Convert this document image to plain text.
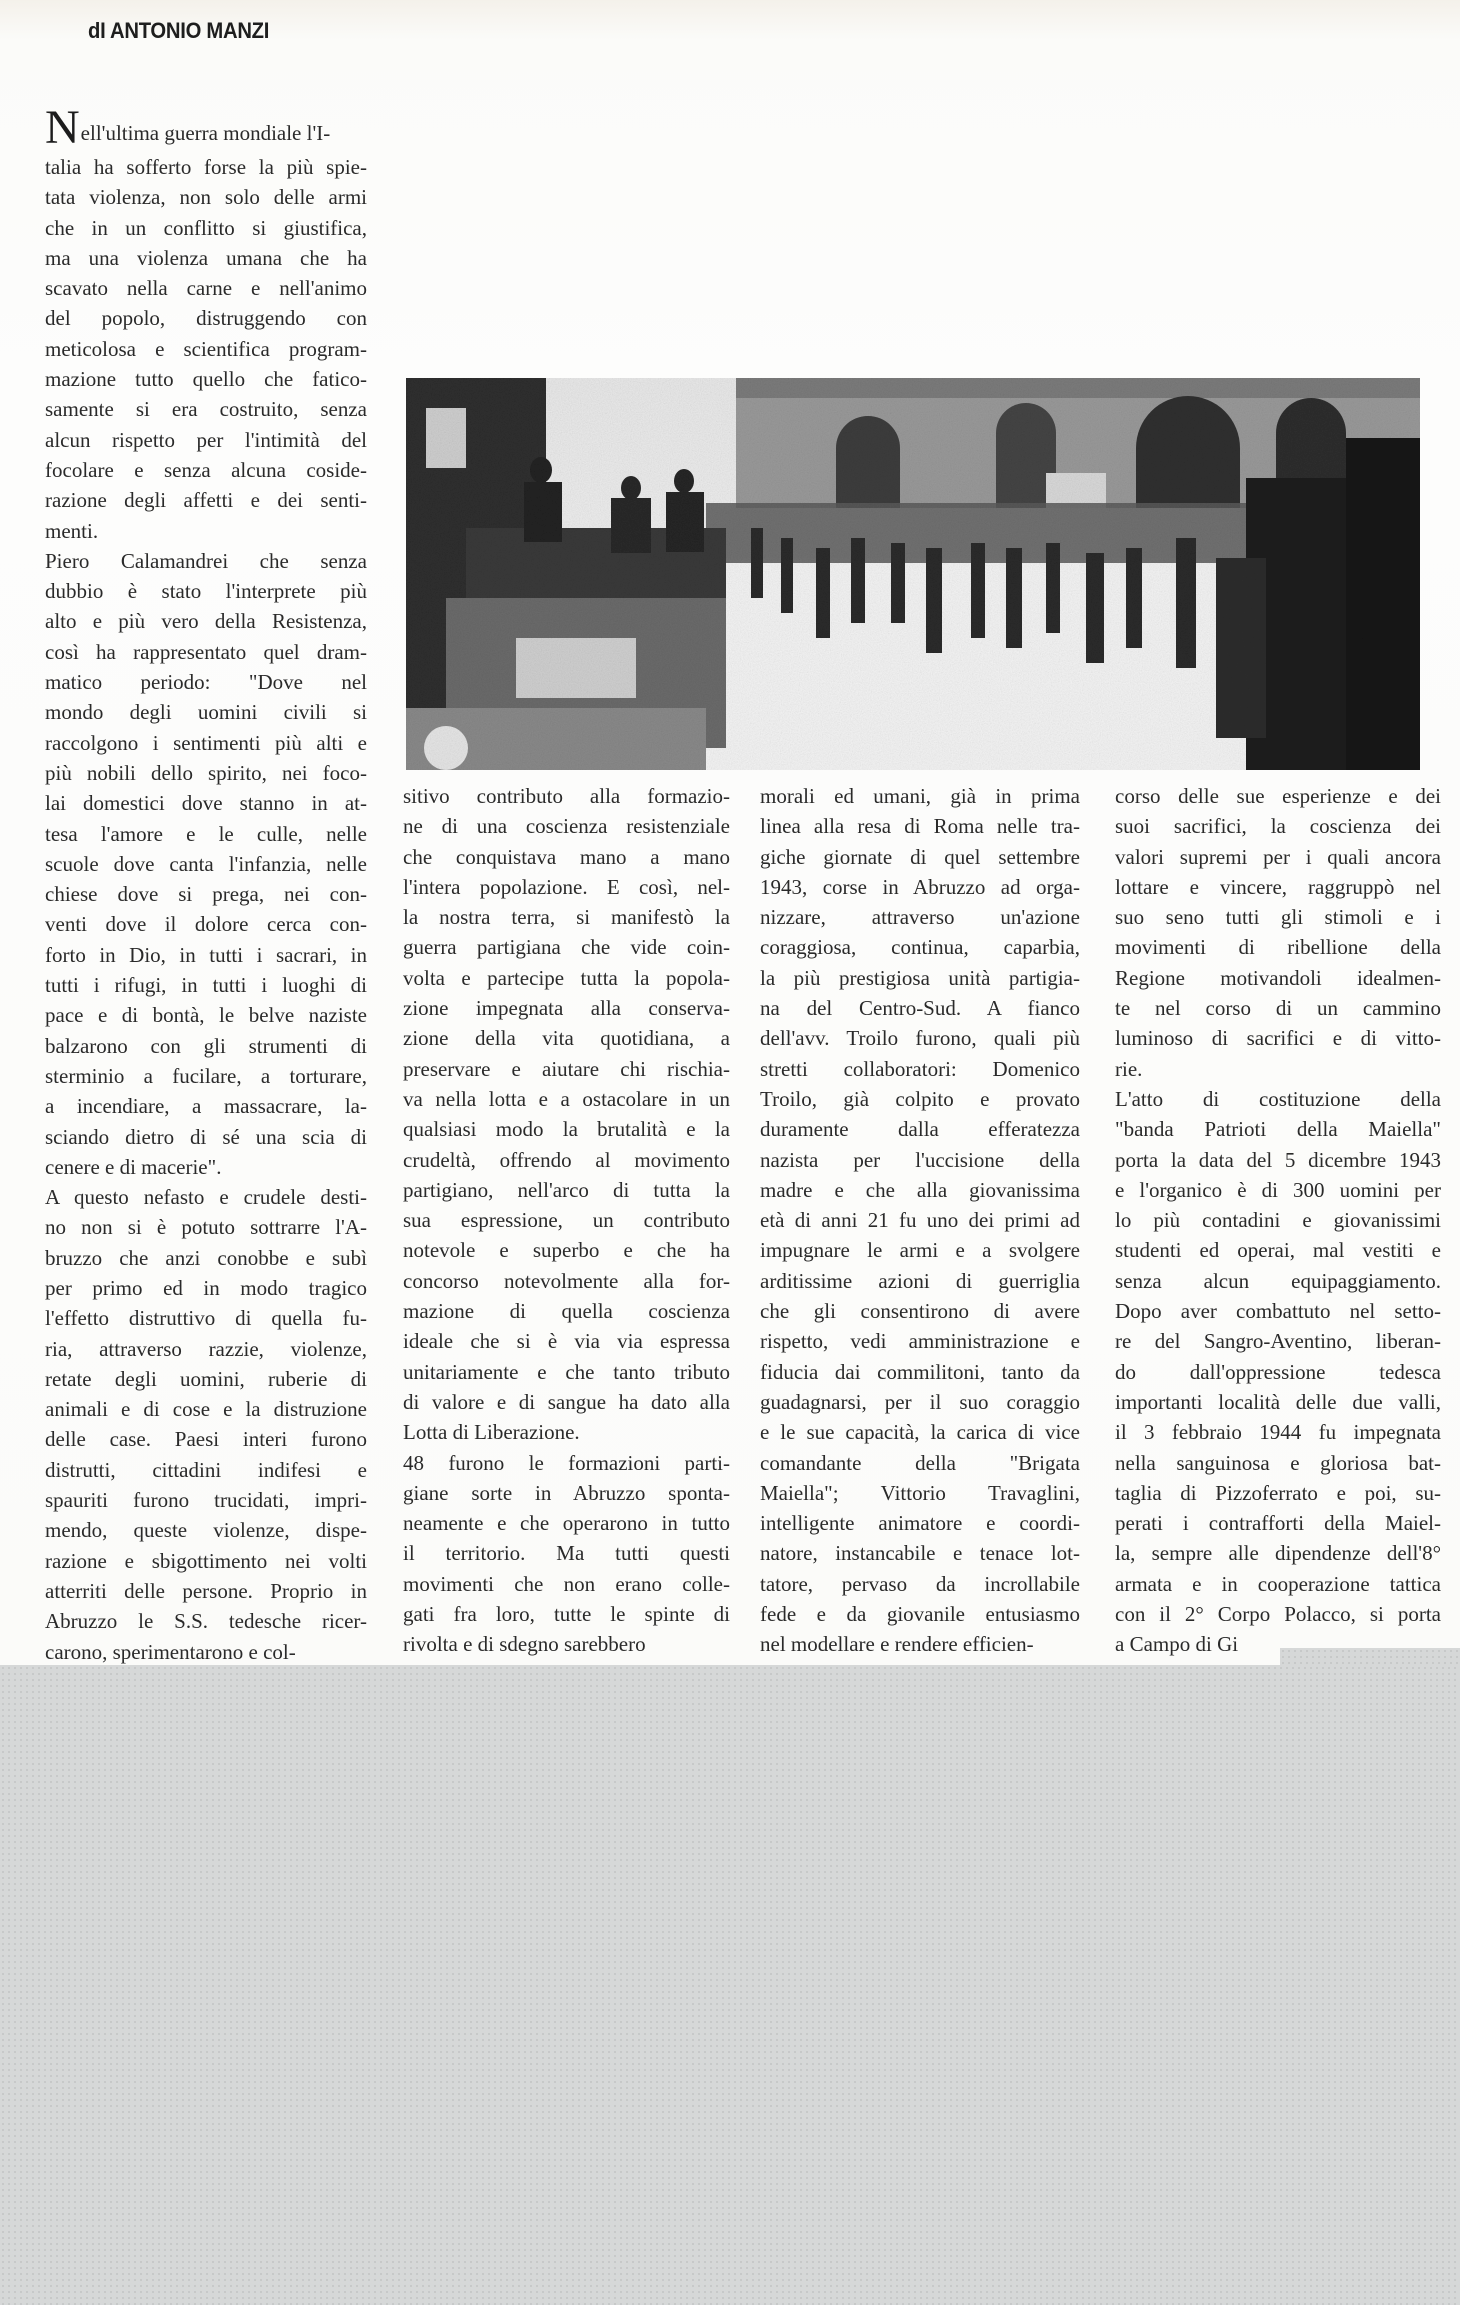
dI ANTONIO MANZI
N ell'ultima guerra mondiale l'I-
talia ha sofferto forse la più spie-
tata violenza, non solo delle armi
che in un conflitto si giustifica,
ma una violenza umana che ha
scavato nella carne e nell'animo
del popolo, distruggendo con
meticolosa e scientifica program-
mazione tutto quello che fatico-
samente si era costruito, senza
alcun rispetto per l'intimità del
focolare e senza alcuna coside-
razione degli affetti e dei senti-
menti.
Piero Calamandrei che senza
dubbio è stato l'interprete più
alto e più vero della Resistenza,
così ha rappresentato quel dram-
matico periodo: "Dove nel
mondo degli uomini civili si
raccolgono i sentimenti più alti e
più nobili dello spirito, nei foco-
lai domestici dove stanno in at-
tesa l'amore e le culle, nelle
scuole dove canta l'infanzia, nelle
chiese dove si prega, nei con-
venti dove il dolore cerca con-
forto in Dio, in tutti i sacrari, in
tutti i rifugi, in tutti i luoghi di
pace e di bontà, le belve naziste
balzarono con gli strumenti di
sterminio a fucilare, a torturare,
a incendiare, a massacrare, la-
sciando dietro di sé una scia di
cenere e di macerie".
A questo nefasto e crudele desti-
no non si è potuto sottrarre l'A-
bruzzo che anzi conobbe e subì
per primo ed in modo tragico
l'effetto distruttivo di quella fu-
ria, attraverso razzie, violenze,
retate degli uomini, ruberie di
animali e di cose e la distruzione
delle case. Paesi interi furono
distrutti, cittadini indifesi e
spauriti furono trucidati, impri-
mendo, queste violenze, dispe-
razione e sbigottimento nei volti
atterriti delle persone. Proprio in
Abruzzo le S.S. tedesche ricer-
carono, sperimentarono e col-
sitivo contributo alla formazio-
ne di una coscienza resistenziale
che conquistava mano a mano
l'intera popolazione. E così, nel-
la nostra terra, si manifestò la
guerra partigiana che vide coin-
volta e partecipe tutta la popola-
zione impegnata alla conserva-
zione della vita quotidiana, a
preservare e aiutare chi rischia-
va nella lotta e a ostacolare in un
qualsiasi modo la brutalità e la
crudeltà, offrendo al movimento
partigiano, nell'arco di tutta la
sua espressione, un contributo
notevole e superbo e che ha
concorso notevolmente alla for-
mazione di quella coscienza
ideale che si è via via espressa
unitariamente e che tanto tributo
di valore e di sangue ha dato alla
Lotta di Liberazione.
48 furono le formazioni parti-
giane sorte in Abruzzo sponta-
neamente e che operarono in tutto
il territorio. Ma tutti questi
movimenti che non erano colle-
gati fra loro, tutte le spinte di
rivolta e di sdegno sarebbero
morali ed umani, già in prima
linea alla resa di Roma nelle tra-
giche giornate di quel settembre
1943, corse in Abruzzo ad orga-
nizzare, attraverso un'azione
coraggiosa, continua, caparbia,
la più prestigiosa unità partigia-
na del Centro-Sud. A fianco
dell'avv. Troilo furono, quali più
stretti collaboratori: Domenico
Troilo, già colpito e provato
duramente dalla efferatezza
nazista per l'uccisione della
madre e che alla giovanissima
età di anni 21 fu uno dei primi ad
impugnare le armi e a svolgere
arditissime azioni di guerriglia
che gli consentirono di avere
rispetto, vedi amministrazione e
fiducia dai commilitoni, tanto da
guadagnarsi, per il suo coraggio
e le sue capacità, la carica di vice
comandante della "Brigata
Maiella"; Vittorio Travaglini,
intelligente animatore e coordi-
natore, instancabile e tenace lot-
tatore, pervaso da incrollabile
fede e da giovanile entusiasmo
nel modellare e rendere efficien-
corso delle sue esperienze e dei
suoi sacrifici, la coscienza dei
valori supremi per i quali ancora
lottare e vincere, raggruppò nel
suo seno tutti gli stimoli e i
movimenti di ribellione della
Regione motivandoli idealmen-
te nel corso di un cammino
luminoso di sacrifici e di vitto-
rie.
L'atto di costituzione della
"banda Patrioti della Maiella"
porta la data del 5 dicembre 1943
e l'organico è di 300 uomini per
lo più contadini e giovanissimi
studenti ed operai, mal vestiti e
senza alcun equipaggiamento.
Dopo aver combattuto nel setto-
re del Sangro-Aventino, liberan-
do dall'oppressione tedesca
importanti località delle due valli,
il 3 febbraio 1944 fu impegnata
nella sanguinosa e gloriosa bat-
taglia di Pizzoferrato e poi, su-
perati i contrafforti della Maiel-
la, sempre alle dipendenze dell'8°
armata e in cooperazione tattica
con il 2° Corpo Polacco, si porta
a Campo di Gi
